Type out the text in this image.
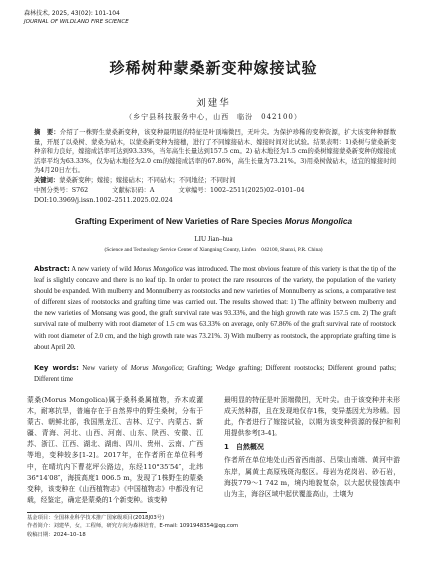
森林技术, 2025, 43(02): 101-104
JOURNAL OF WILDLAND FIRE SCIENCE
珍稀树种蒙桑新变种嫁接试验
刘建华
（乡宁县科技服务中心，山西　临汾　042100）
摘　要：介绍了一株野生蒙桑新变种，该变种最明显的特征是叶顶端微凹，无叶尖。为保护珍稀的变种资源，扩大该变种种群数量，开展了以桑树、蒙桑为砧木，以蒙桑新变种为接穗，进行了不同嫁接砧木、嫁接时间对比试验。结果表明：1)桑树与蒙桑新变种亲和力良好，嫁接成活率可达到93.33%，当年高生长量达到157.5 cm。2) 砧木地径为1.5 cm的桑树嫁接蒙桑新变种的嫁接成活率平均为63.33%，仅为砧木地径为2.0 cm的嫁接成活率的67.86%，高生长量为73.21%。3)用桑树做砧木，适宜的嫁接时间为4月20日左右。
关键词：蒙桑新变种；嫁接；嫁接砧木；不同砧木；不同地径；不同时间
中图分类号：S762	文献标识码：A	文章编号：1002–2511(2025)02–0101–04
DOI:10.3969/j.issn.1002–2511.2025.02.024
Grafting Experiment of New Varieties of Rare Species Morus Mongolica
LIU Jian–hua
(Science and Technology Service Center of Xiangning County, Linfen　042100, Shanxi, P.R. China)
Abstract: A new variety of wild Morus Mongolica was introduced. The most obvious feature of this variety is that the tip of the leaf is slightly concave and there is no leaf tip. In order to protect the rare resources of the variety, the population of the variety should be expanded. With mulberry and Monnulberry as rootstocks and new varieties of Monnulberry as scions, a comparative test of different sizes of rootstocks and grafting time was carried out. The results showed that: 1) The affinity between mulberry and the new varieties of Monsang was good, the graft survival rate was 93.33%, and the high growth rate was 157.5 cm. 2) The graft survival rate of mulberry with root diameter of 1.5 cm was 63.33% on average, only 67.86% of the graft survival rate of rootstock with root diameter of 2.0 cm, and the high growth rate was 73.21%. 3) With mulberry as rootstock, the appropriate grafting time is about April 20.
Key words: New variety of Morus Mongolica; Grafting; Wedge grafting; Different rootstocks; Different ground paths; Different time
蒙桑(Morus Mongolica)属于桑科桑属植物，乔木或灌木，耐寒抗旱，普遍存在于自然界中的野生桑树，分布于蒙古、朝鲜北部，我国黑龙江、吉林、辽宁、内蒙古、新疆、青海、河北、山西、河南、山东、陕西、安徽、江苏、浙江、江西、湖北、湖南、四川、贵州、云南、广西等地，变种较多[1-2]。2017年，在作者所在单位科考中，在晴坑内下曹花坪公路边，东经110°35′54″，北纬36°14′08″，海拔高度1 006.5 m，发现了1株野生的蒙桑变种，该变种在《山西植物志》《中国植物志》中都没有记载，经鉴定，确定是蒙桑的1个新变种。该变种
最明显的特征是叶顶端微凹，无叶尖。由于该变种并未形成天然种群，且在发现地仅存1株，变异基因尤为珍稀。因此，作者进行了嫁接试验，以期为该变种资源的保护和利用提供参考[3-4]。
1　自然概况
作者所在单位地处山西省西南部、吕梁山南端、黄河中游东岸，属黄土高原残斑沟壑区。母岩为花岗岩、砂石岩，海拔779～1 742 m，境内地貌复杂，以大起伏侵蚀高中山为主，海谷区域中起伏覆盖高山，土壤为
基金项目：全国林业科学技术推广国家级项目(2018J03号)
作者简介：刘建华，女，工程师，研究方向为森林培育，E-mail: 1091948354@qq.com
收稿日期：2024–10–18
